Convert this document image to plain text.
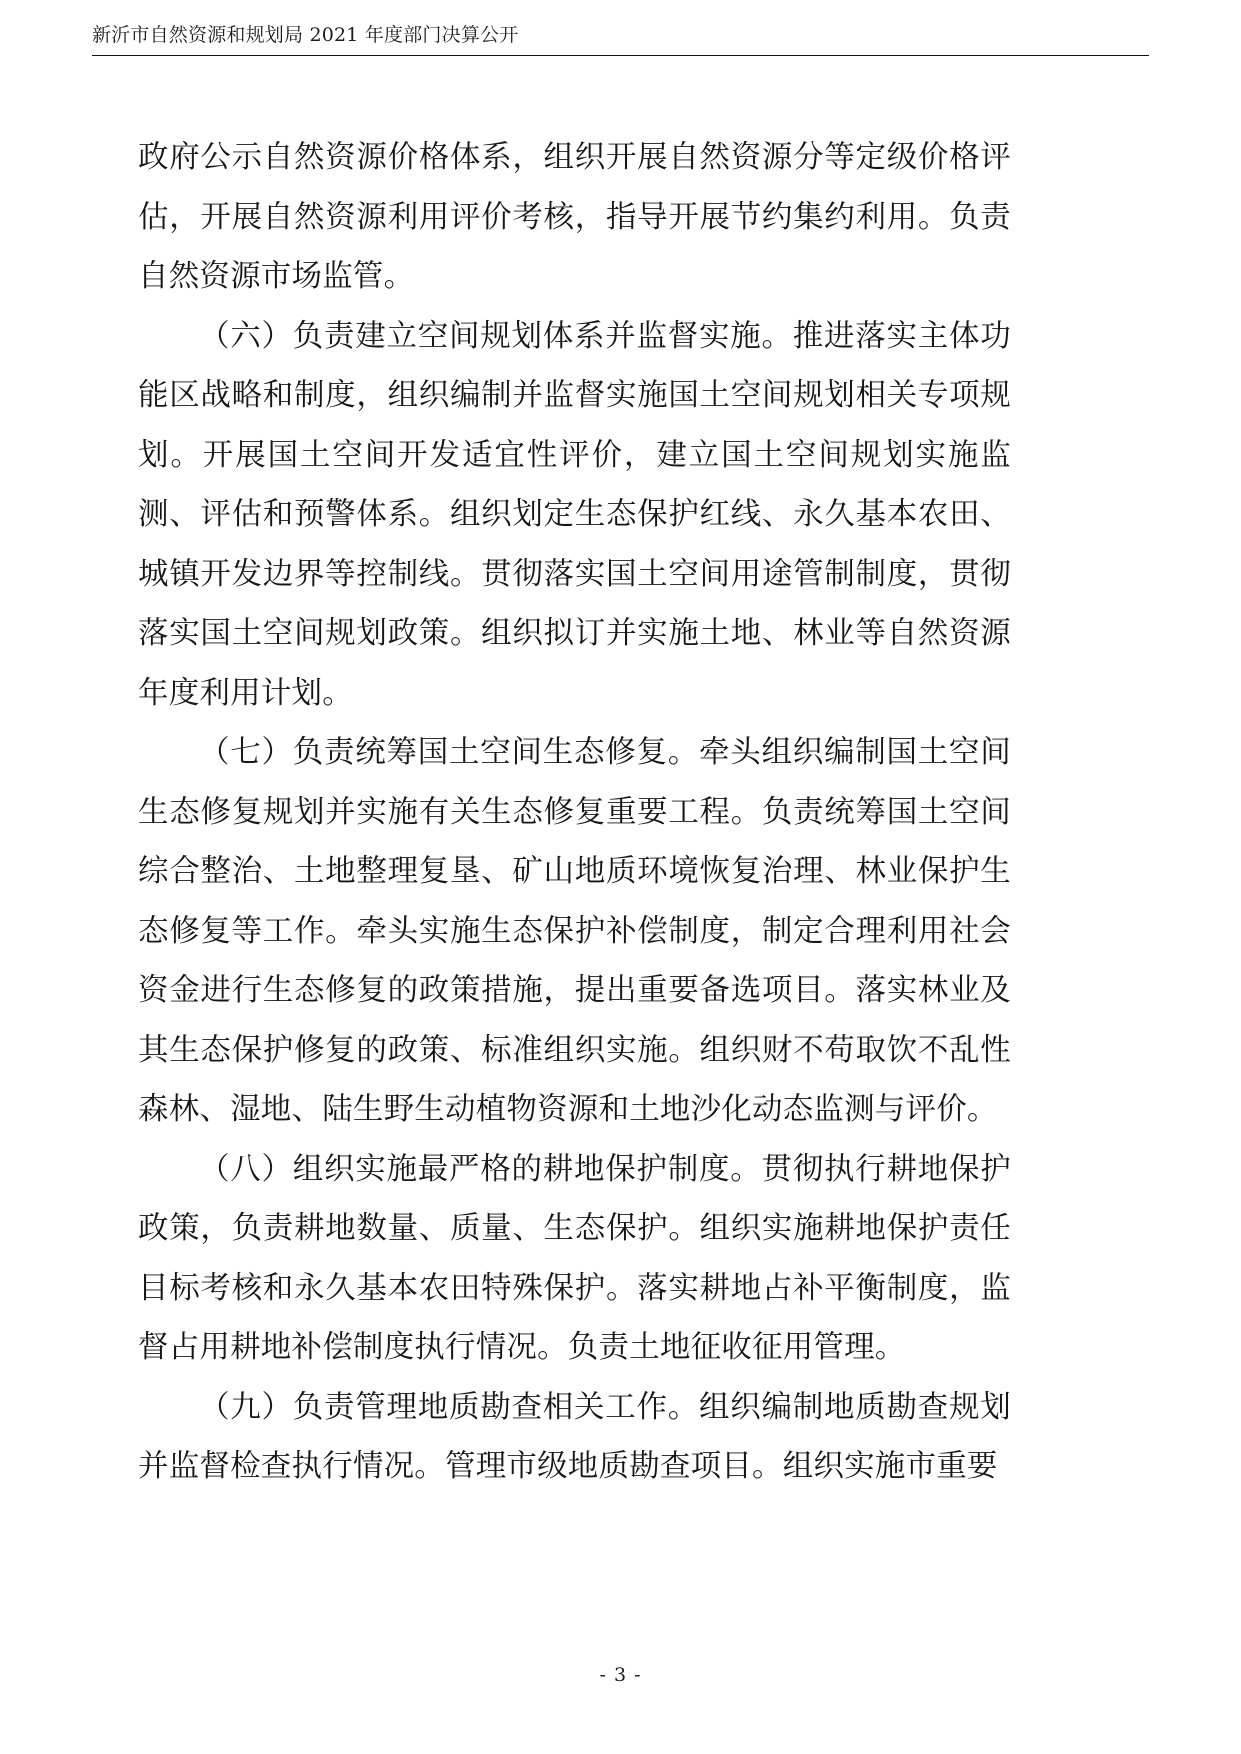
新沂市自然资源和规划局 2021 年度部门决算公开

政府公示自然资源价格体系，组织开展自然资源分等定级价格评估，开展自然资源利用评价考核，指导开展节约集约利用。负责自然资源市场监管。

（六）负责建立空间规划体系并监督实施。推进落实主体功能区战略和制度，组织编制并监督实施国土空间规划相关专项规划。开展国土空间开发适宜性评价，建立国土空间规划实施监测、评估和预警体系。组织划定生态保护红线、永久基本农田、城镇开发边界等控制线。贯彻落实国土空间用途管制制度，贯彻落实国土空间规划政策。组织拟订并实施土地、林业等自然资源年度利用计划。

（七）负责统筹国土空间生态修复。牵头组织编制国土空间生态修复规划并实施有关生态修复重要工程。负责统筹国土空间综合整治、土地整理复垦、矿山地质环境恢复治理、林业保护生态修复等工作。牵头实施生态保护补偿制度，制定合理利用社会资金进行生态修复的政策措施，提出重要备选项目。落实林业及其生态保护修复的政策、标准组织实施。组织财不苟取饮不乱性森林、湿地、陆生野生动植物资源和土地沙化动态监测与评价。

（八）组织实施最严格的耕地保护制度。贯彻执行耕地保护政策，负责耕地数量、质量、生态保护。组织实施耕地保护责任目标考核和永久基本农田特殊保护。落实耕地占补平衡制度，监督占用耕地补偿制度执行情况。负责土地征收征用管理。

（九）负责管理地质勘查相关工作。组织编制地质勘查规划并监督检查执行情况。管理市级地质勘查项目。组织实施市重要

- 3 -
